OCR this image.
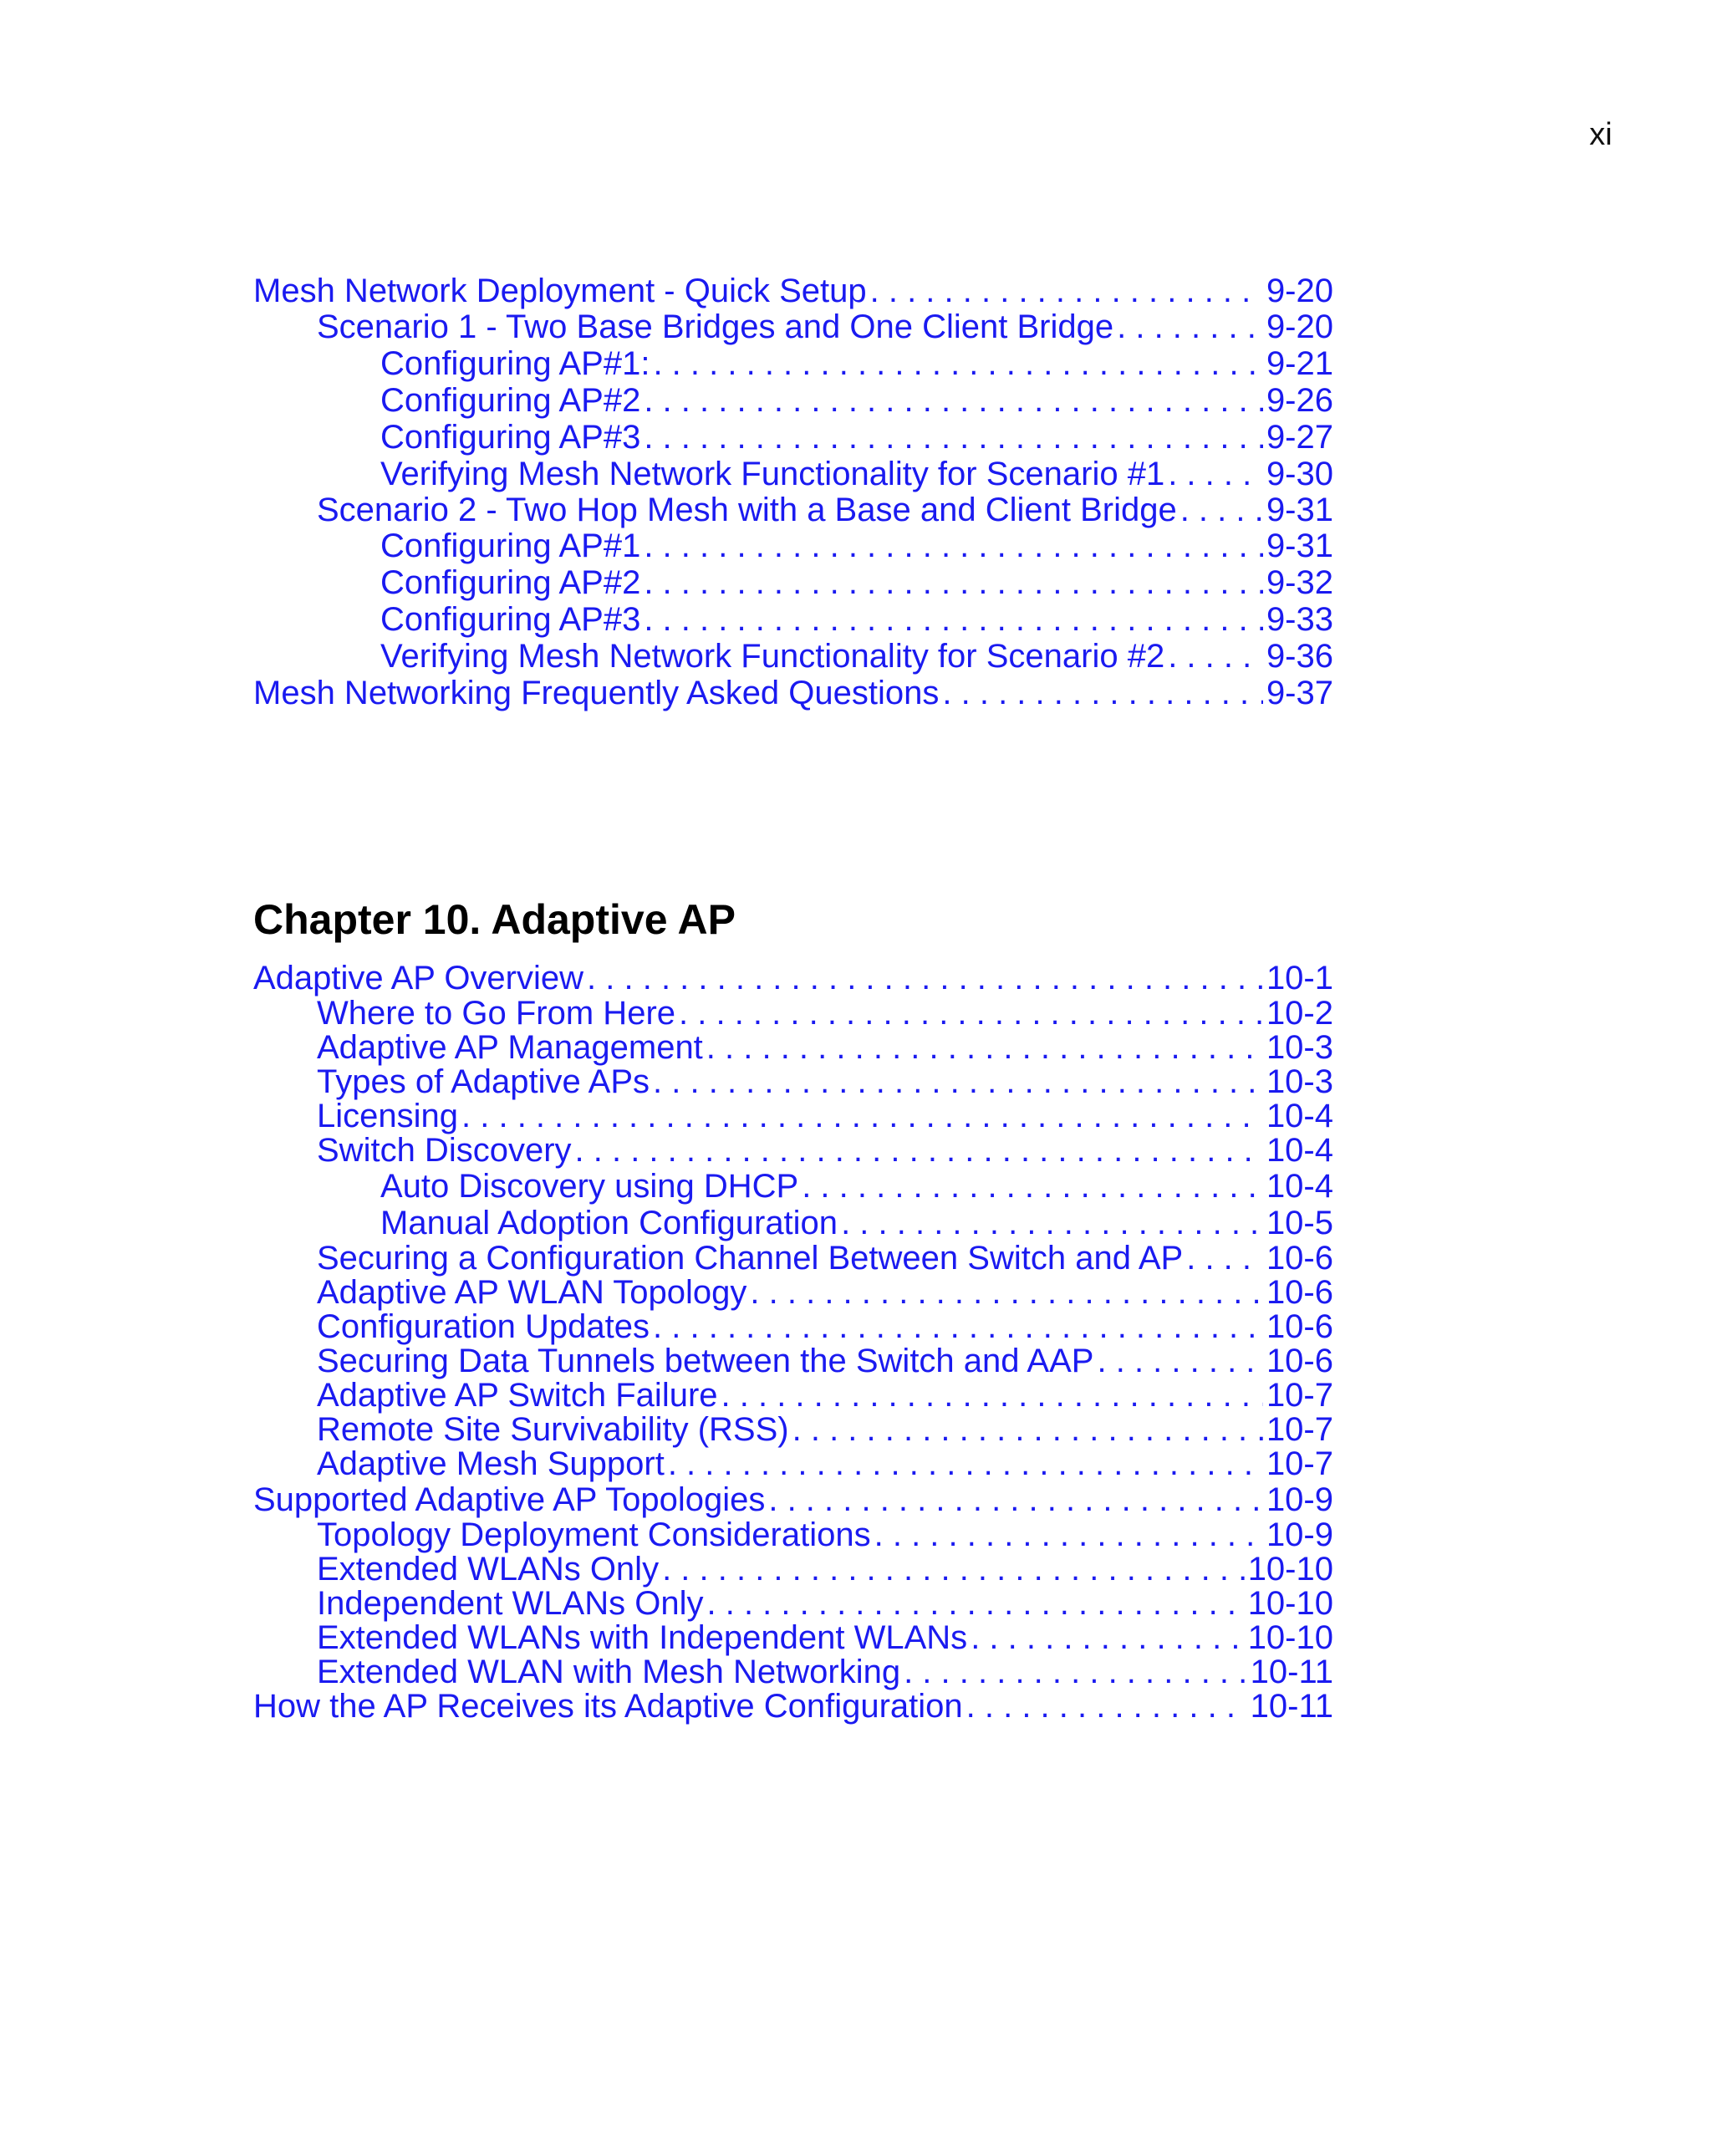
xi
Mesh Network Deployment - Quick Setup . . .	9-20
Scenario 1 - Two Base Bridges and One Client Bridge . . .	9-20
Configuring AP#1: . . .	9-21
Configuring AP#2 . . .	9-26
Configuring AP#3 . . .	9-27
Verifying Mesh Network Functionality for Scenario #1 . . .	9-30
Scenario 2 - Two Hop Mesh with a Base and Client Bridge . . .	9-31
Configuring AP#1 . . .	9-31
Configuring AP#2 . . .	9-32
Configuring AP#3 . . .	9-33
Verifying Mesh Network Functionality for Scenario #2 . . .	9-36
Mesh Networking Frequently Asked Questions . . .	9-37
Chapter 10. Adaptive AP
Adaptive AP Overview . . .	10-1
Where to Go From Here . . .	10-2
Adaptive AP Management . . .	10-3
Types of Adaptive APs . . .	10-3
Licensing . . .	10-4
Switch Discovery . . .	10-4
Auto Discovery using DHCP . . .	10-4
Manual Adoption Configuration . . .	10-5
Securing a Configuration Channel Between Switch and AP . . . 10-6
Adaptive AP WLAN Topology . . .	10-6
Configuration Updates . . .	10-6
Securing Data Tunnels between the Switch and AAP . . .	10-6
Adaptive AP Switch Failure . . .	10-7
Remote Site Survivability (RSS) . . .	10-7
Adaptive Mesh Support . . .	10-7
Supported Adaptive AP Topologies . . .	10-9
Topology Deployment Considerations . . .	10-9
Extended WLANs Only . . .	10-10
Independent WLANs Only . . .	10-10
Extended WLANs with Independent WLANs . . .	10-10
Extended WLAN with Mesh Networking . . .	10-11
How the AP Receives its Adaptive Configuration . . .	10-11
